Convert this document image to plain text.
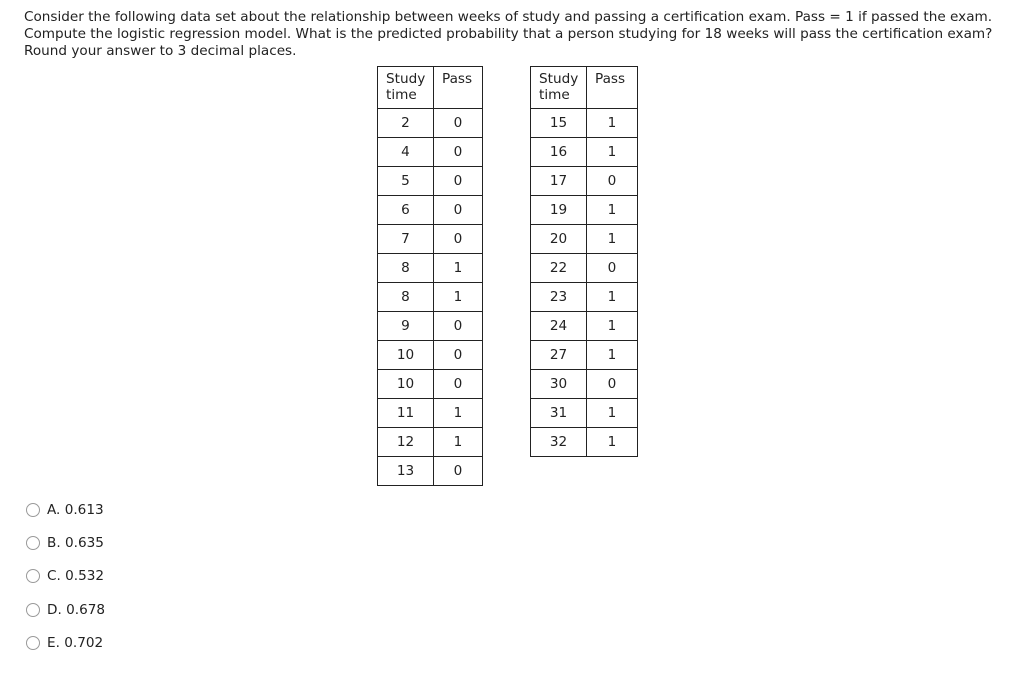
Consider the following data set about the relationship between weeks of study and passing a certification exam. Pass = 1 if passed the exam.

Compute the logistic regression model. What is the predicted probability that a person studying for 18 weeks will pass the certification exam?

Round your answer to 3 decimal places.

Study time	Pass
2	0
4	0
5	0
6	0
7	0
8	1
8	1
9	0
10	0
10	0
11	1
12	1
13	0
Study time	Pass
15	1
16	1
17	0
19	1
20	1
22	0
23	1
24	1
27	1
30	0
31	1
32	1
A. 0.613
B. 0.635
C. 0.532
D. 0.678
E. 0.702
